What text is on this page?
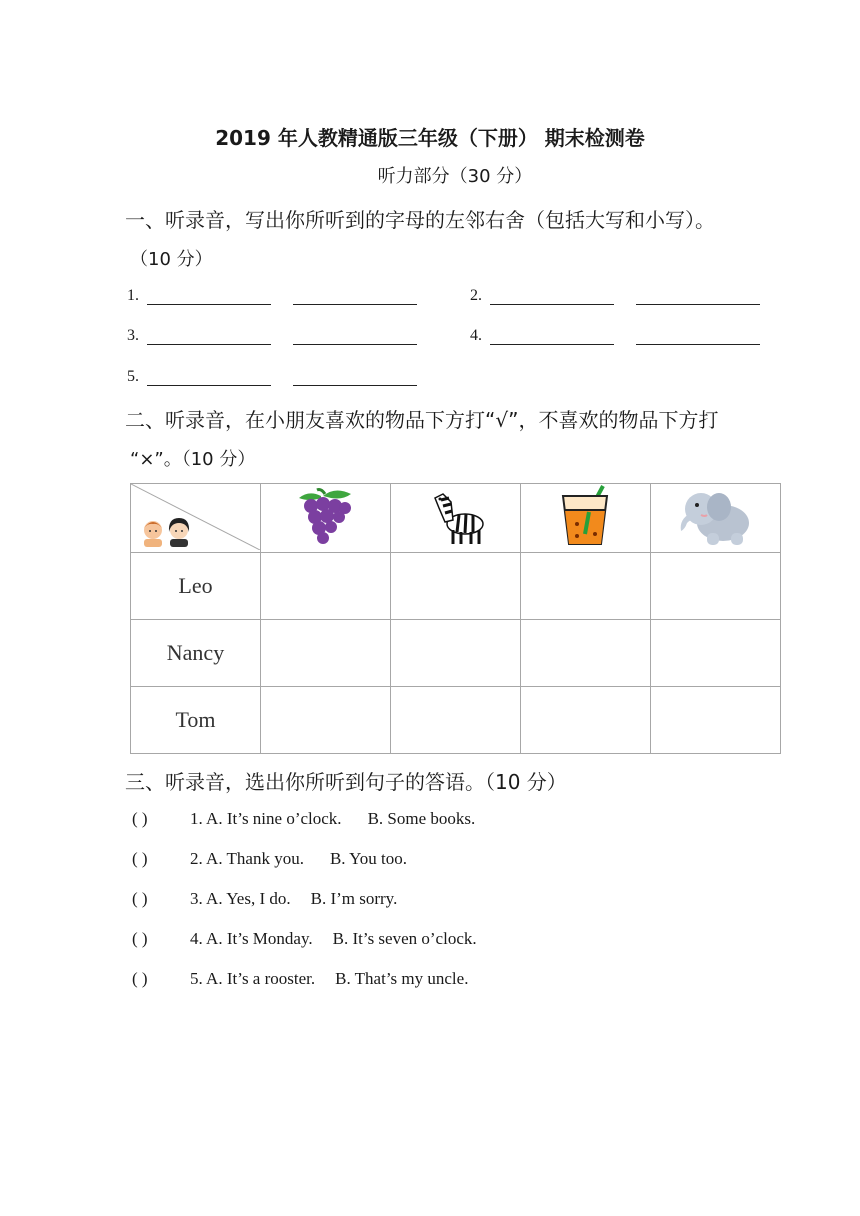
2019 年人教精通版三年级（下册） 期末检测卷
听力部分（30 分）
一、听录音，写出你所听到的字母的左邻右舍（包括大写和小写）。
（10 分）
1.	2.
3.	4.
5.
二、听录音，在小朋友喜欢的物品下方打“√”，不喜欢的物品下方打
“×”。（10 分）

Leo				
Nancy				
Tom				
三、听录音，选出你所听到句子的答语。（10 分）
( ) 1. A. It’s nine o’clock. B. Some books.
( ) 2. A. Thank you. B. You too.
( ) 3. A. Yes, I do. B. I’m sorry.
( ) 4. A. It’s Monday. B. It’s seven o’clock.
( ) 5. A. It’s a rooster. B. That’s my uncle.
